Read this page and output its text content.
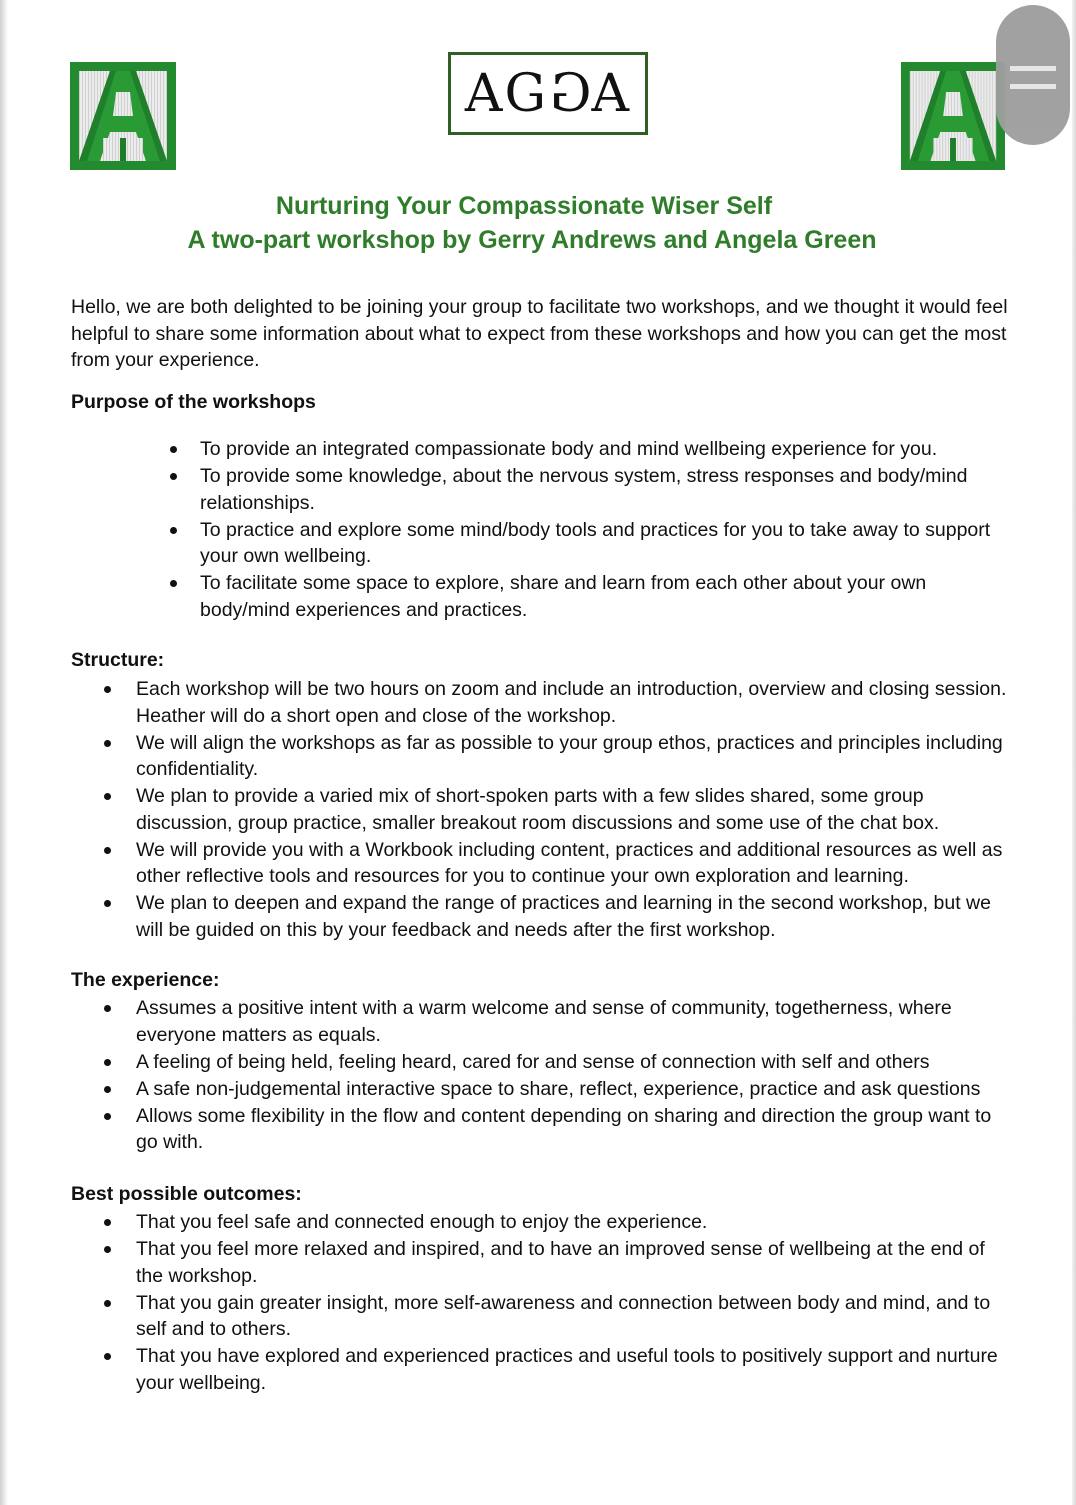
AGGA
Nurturing Your Compassionate Wiser Self
A two-part workshop by Gerry Andrews and Angela Green
Hello, we are both delighted to be joining your group to facilitate two workshops, and we thought it would feel helpful to share some information about what to expect from these workshops and how you can get the most from your experience.
Purpose of the workshops
To provide an integrated compassionate body and mind wellbeing experience for you.
To provide some knowledge, about the nervous system, stress responses and body/mind relationships.
To practice and explore some mind/body tools and practices for you to take away to support your own wellbeing.
To facilitate some space to explore, share and learn from each other about your own body/mind experiences and practices.
Structure:
Each workshop will be two hours on zoom and include an introduction, overview and closing session. Heather will do a short open and close of the workshop.
We will align the workshops as far as possible to your group ethos, practices and principles including confidentiality.
We plan to provide a varied mix of short-spoken parts with a few slides shared, some group discussion, group practice, smaller breakout room discussions and some use of the chat box.
We will provide you with a Workbook including content, practices and additional resources as well as other reflective tools and resources for you to continue your own exploration and learning.
We plan to deepen and expand the range of practices and learning in the second workshop, but we will be guided on this by your feedback and needs after the first workshop.
The experience:
Assumes a positive intent with a warm welcome and sense of community, togetherness, where everyone matters as equals.
A feeling of being held, feeling heard, cared for and sense of connection with self and others
A safe non-judgemental interactive space to share, reflect, experience, practice and ask questions
Allows some flexibility in the flow and content depending on sharing and direction the group want to go with.
Best possible outcomes:
That you feel safe and connected enough to enjoy the experience.
That you feel more relaxed and inspired, and to have an improved sense of wellbeing at the end of the workshop.
That you gain greater insight, more self-awareness and connection between body and mind, and to self and to others.
That you have explored and experienced practices and useful tools to positively support and nurture your wellbeing.
